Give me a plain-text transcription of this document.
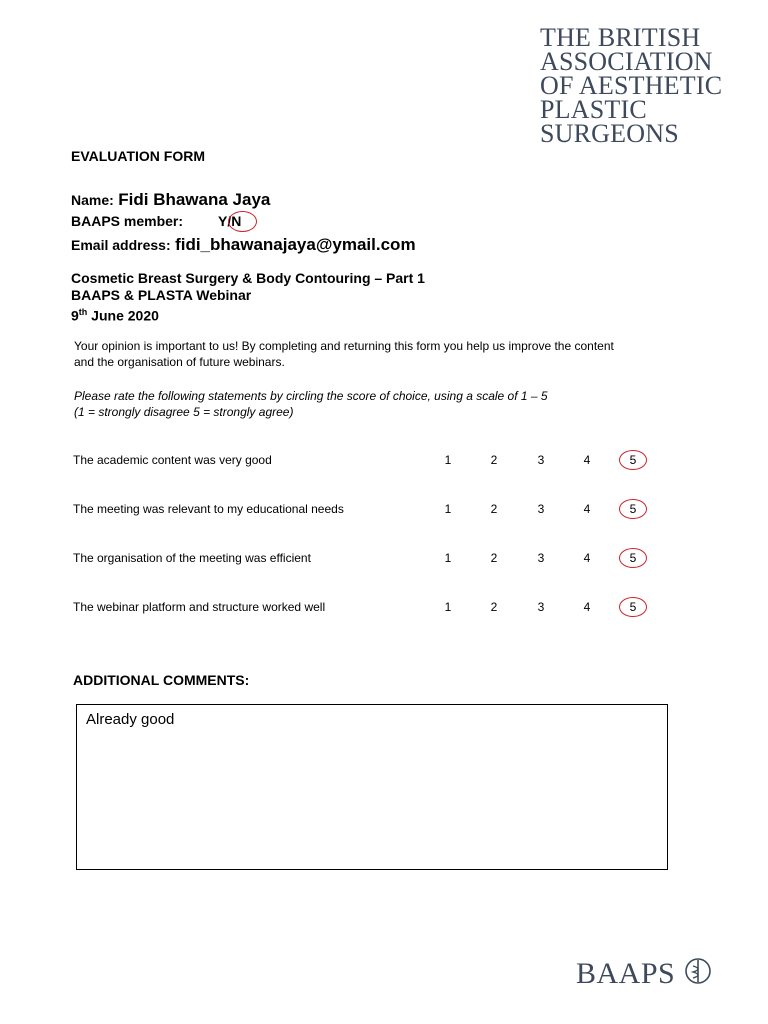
THE BRITISH
ASSOCIATION
OF AESTHETIC
PLASTIC
SURGEONS
EVALUATION FORM
Name: Fidi Bhawana Jaya
BAAPS member: Y/N
Email address: fidi_bhawanajaya@ymail.com
Cosmetic Breast Surgery & Body Contouring – Part 1
BAAPS & PLASTA Webinar
9th June 2020
Your opinion is important to us! By completing and returning this form you help us improve the content
and the organisation of future webinars.
Please rate the following statements by circling the score of choice, using a scale of 1 – 5
(1 = strongly disagree 5 = strongly agree)
The academic content was very good	1	2	3	4	5
The meeting was relevant to my educational needs	1	2	3	4	5
The organisation of the meeting was efficient	1	2	3	4	5
The webinar platform and structure worked well	1	2	3	4	5
ADDITIONAL COMMENTS:
Already good
BAAPS
